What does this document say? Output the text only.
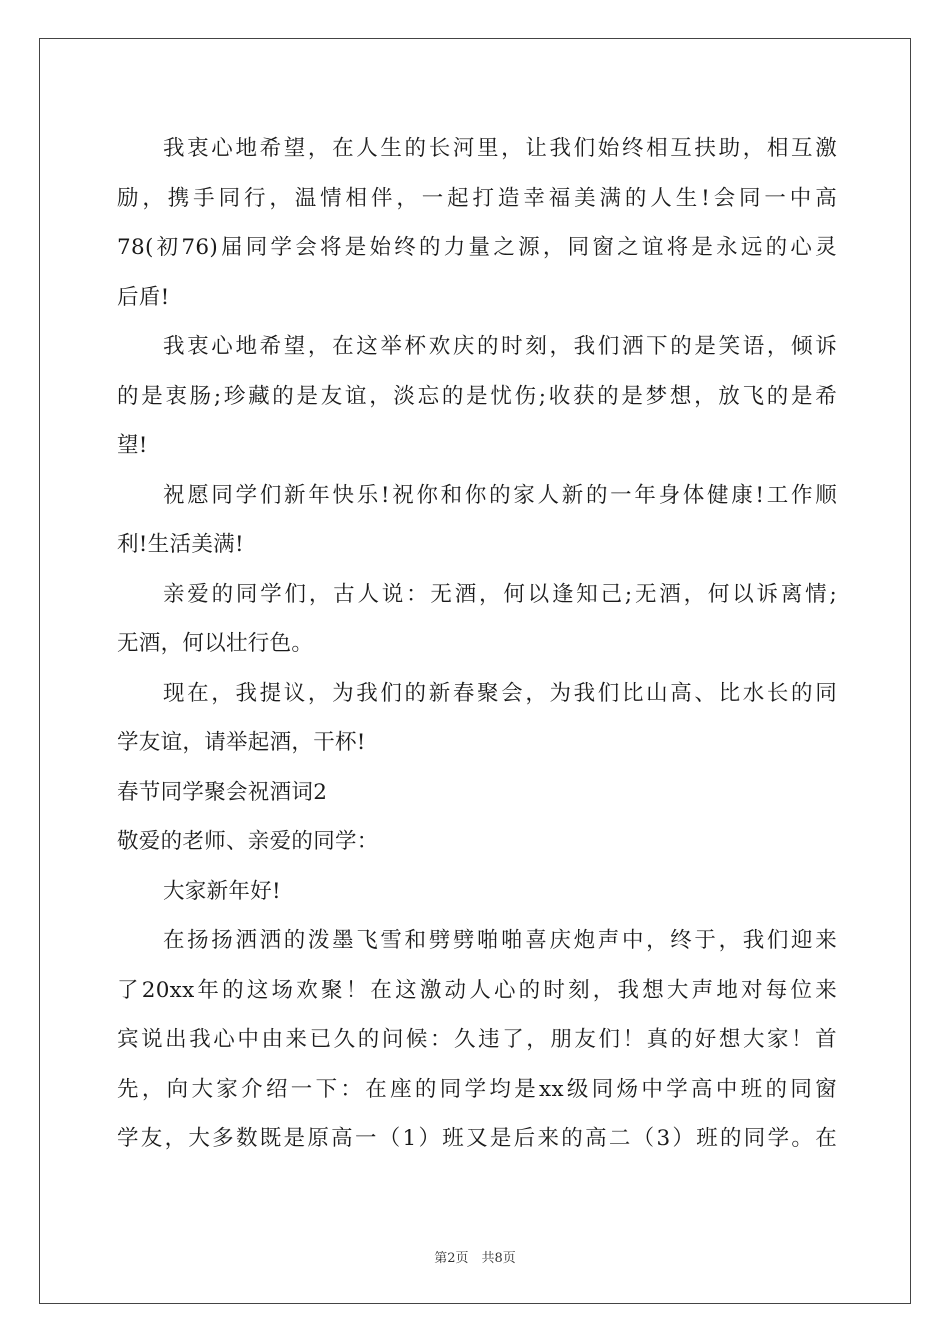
我衷心地希望，在人生的长河里，让我们始终相互扶助，相互激
励，携手同行，温情相伴，一起打造幸福美满的人生!会同一中高
78(初76)届同学会将是始终的力量之源，同窗之谊将是永远的心灵
后盾!
我衷心地希望，在这举杯欢庆的时刻，我们洒下的是笑语，倾诉
的是衷肠;珍藏的是友谊，淡忘的是忧伤;收获的是梦想，放飞的是希
望!
祝愿同学们新年快乐!祝你和你的家人新的一年身体健康!工作顺
利!生活美满!
亲爱的同学们，古人说：无酒，何以逢知己;无酒，何以诉离情;
无酒，何以壮行色。
现在，我提议，为我们的新春聚会，为我们比山高、比水长的同
学友谊，请举起酒，干杯!
春节同学聚会祝酒词2
敬爱的老师、亲爱的同学：
大家新年好!
在扬扬洒洒的泼墨飞雪和劈劈啪啪喜庆炮声中，终于，我们迎来
了20xx年的这场欢聚！在这激动人心的时刻，我想大声地对每位来
宾说出我心中由来已久的问候：久违了，朋友们！真的好想大家！首
先，向大家介绍一下：在座的同学均是xx级同炀中学高中班的同窗
学友，大多数既是原高一（1）班又是后来的高二（3）班的同学。在
第2页　共8页
